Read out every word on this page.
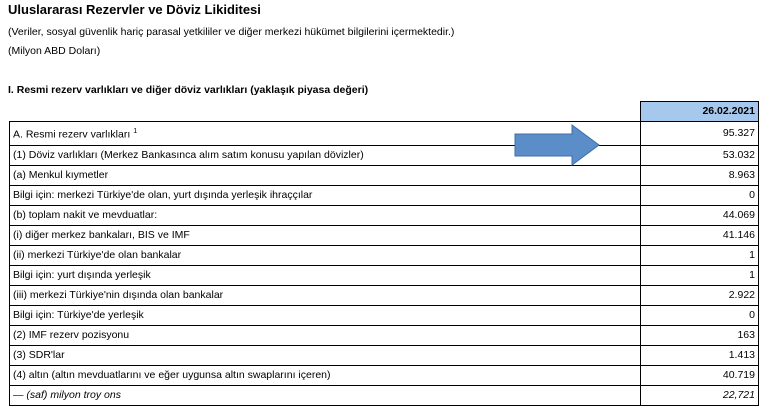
Uluslararası Rezervler ve Döviz Likiditesi
(Veriler, sosyal güvenlik hariç parasal yetkililer ve diğer merkezi hükümet bilgilerini içermektedir.)
(Milyon ABD Doları)
I. Resmi rezerv varlıkları ve diğer döviz varlıkları (yaklaşık piyasa değeri)
	26.02.2021
A. Resmi rezerv varlıkları $^1$	95.327
(1) Döviz varlıkları (Merkez Bankasınca alım satım konusu yapılan dövizler)	53.032
(a) Menkul kıymetler	8.963
Bilgi için: merkezi Türkiye'de olan, yurt dışında yerleşik ihraççılar	0
(b) toplam nakit ve mevduatlar:	44.069
(i) diğer merkez bankaları, BIS ve IMF	41.146
(ii) merkezi Türkiye'de olan bankalar	1
Bilgi için: yurt dışında yerleşik	1
(iii) merkezi Türkiye'nin dışında olan bankalar	2.922
Bilgi için: Türkiye'de yerleşik	0
(2) IMF rezerv pozisyonu	163
(3) SDR'lar	1.413
(4) altın (altın mevduatlarını ve eğer uygunsa altın swaplarını içeren)	40.719
— (saf) milyon troy ons	22,721
